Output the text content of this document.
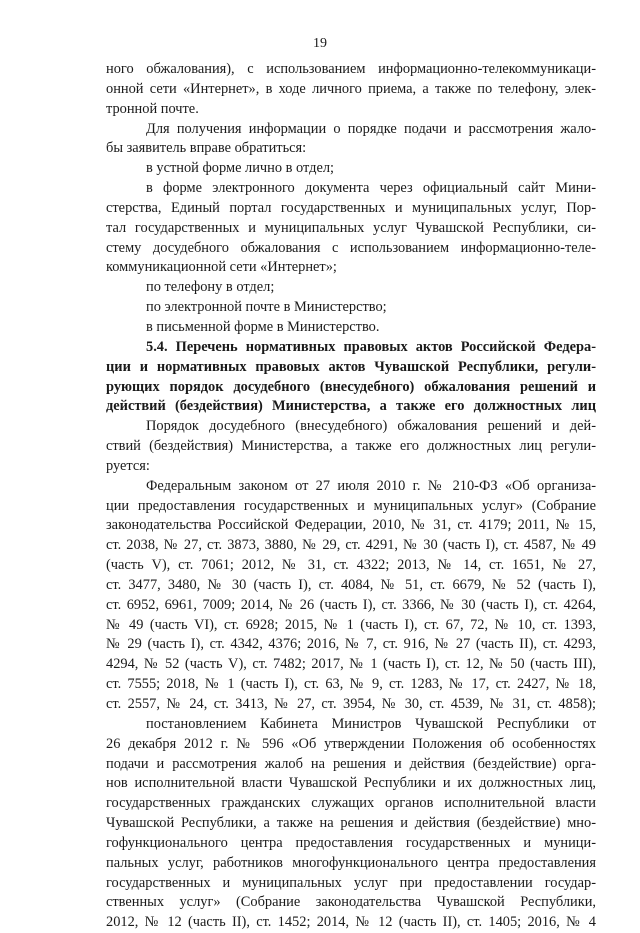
19
ного обжалования), с использованием информационно-телекоммуникаци-
онной сети «Интернет», в ходе личного приема, а также по телефону, элек-
тронной почте.
Для получения информации о порядке подачи и рассмотрения жало-
бы заявитель вправе обратиться:
в устной форме лично в отдел;
в форме электронного документа через официальный сайт Мини-
стерства, Единый портал государственных и муниципальных услуг, Пор-
тал государственных и муниципальных услуг Чувашской Республики, си-
стему досудебного обжалования с использованием информационно-теле-
коммуникационной сети «Интернет»;
по телефону в отдел;
по электронной почте в Министерство;
в письменной форме в Министерство.
5.4. Перечень нормативных правовых актов Российской Федера-
ции и нормативных правовых актов Чувашской Республики, регули-
рующих порядок досудебного (внесудебного) обжалования решений и
действий (бездействия) Министерства, а также его должностных лиц
Порядок досудебного (внесудебного) обжалования решений и дей-
ствий (бездействия) Министерства, а также его должностных лиц регули-
руется:
Федеральным законом от 27 июля 2010 г. № 210-ФЗ «Об организа-
ции предоставления государственных и муниципальных услуг» (Собрание
законодательства Российской Федерации, 2010, № 31, ст. 4179; 2011, № 15,
ст. 2038, № 27, ст. 3873, 3880, № 29, ст. 4291, № 30 (часть I), ст. 4587, № 49
(часть V), ст. 7061; 2012, № 31, ст. 4322; 2013, № 14, ст. 1651, № 27,
ст. 3477, 3480, № 30 (часть I), ст. 4084, № 51, ст. 6679, № 52 (часть I),
ст. 6952, 6961, 7009; 2014, № 26 (часть I), ст. 3366, № 30 (часть I), ст. 4264,
№ 49 (часть VI), ст. 6928; 2015, № 1 (часть I), ст. 67, 72, № 10, ст. 1393,
№ 29 (часть I), ст. 4342, 4376; 2016, № 7, ст. 916, № 27 (часть II), ст. 4293,
4294, № 52 (часть V), ст. 7482; 2017, № 1 (часть I), ст. 12, № 50 (часть III),
ст. 7555; 2018, № 1 (часть I), ст. 63, № 9, ст. 1283, № 17, ст. 2427, № 18,
ст. 2557, № 24, ст. 3413, № 27, ст. 3954, № 30, ст. 4539, № 31, ст. 4858);
постановлением Кабинета Министров Чувашской Республики от
26 декабря 2012 г. № 596 «Об утверждении Положения об особенностях
подачи и рассмотрения жалоб на решения и действия (бездействие) орга-
нов исполнительной власти Чувашской Республики и их должностных лиц,
государственных гражданских служащих органов исполнительной власти
Чувашской Республики, а также на решения и действия (бездействие) мно-
гофункционального центра предоставления государственных и муници-
пальных услуг, работников многофункционального центра предоставления
государственных и муниципальных услуг при предоставлении государ-
ственных услуг» (Собрание законодательства Чувашской Республики,
2012, № 12 (часть II), ст. 1452; 2014, № 12 (часть II), ст. 1405; 2016, № 4
